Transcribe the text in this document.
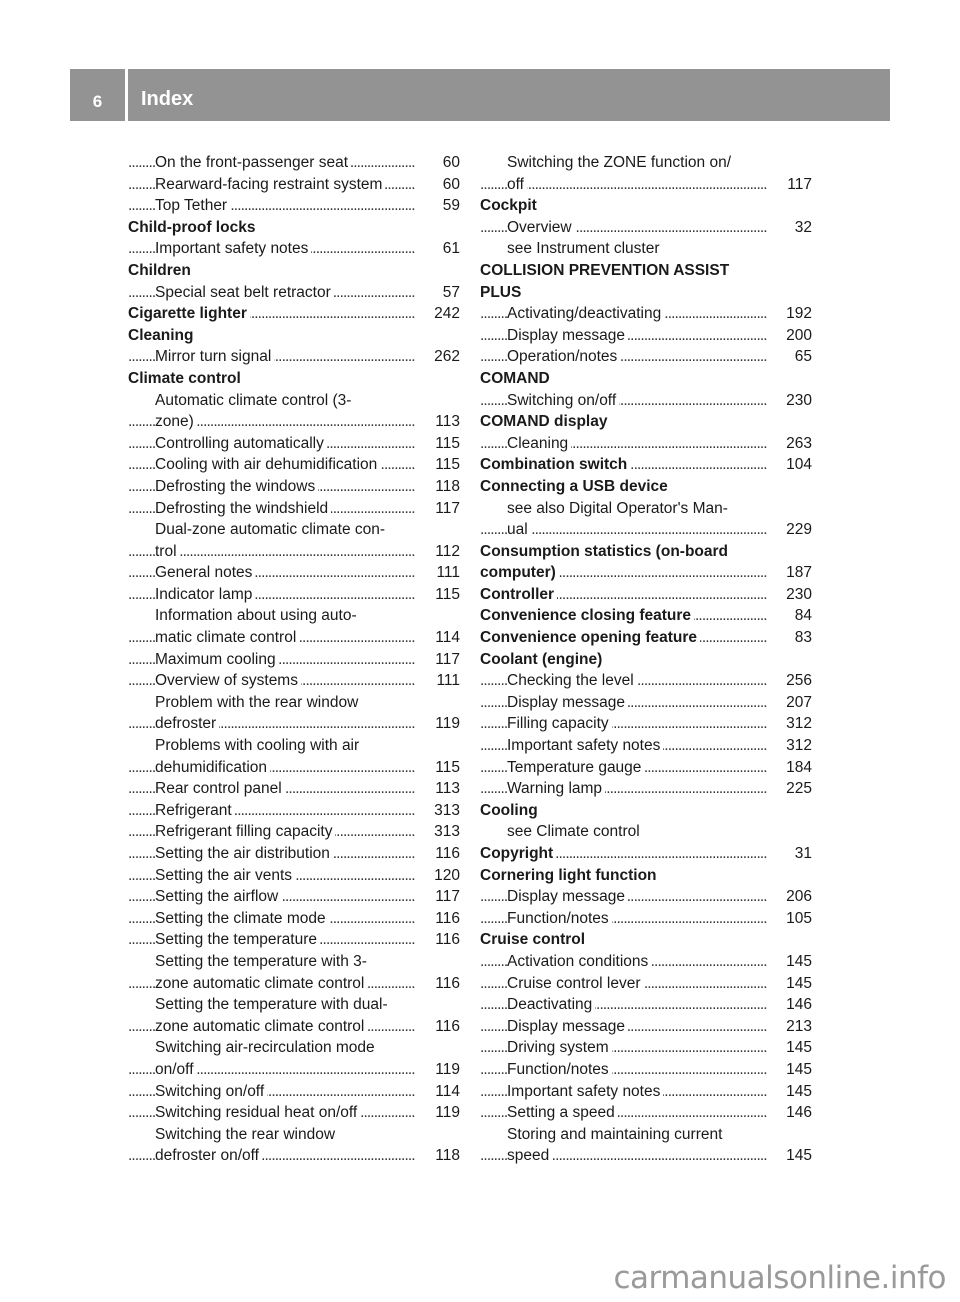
6	Index
On the front-passenger seat	60
. . .
Rearward-facing restraint system	60
. . .
Top Tether	59
. . .
Child-proof locks
Important safety notes	61
. . .
Children
Special seat belt retractor	57
. . .
Cigarette lighter	242
. . .
Cleaning
Mirror turn signal	262
. . .
Climate control
Automatic climate control (3-
zone)	113
. . .
Controlling automatically	115
. . .
Cooling with air dehumidification	115
. . .
Defrosting the windows	118
. . .
Defrosting the windshield	117
. . .
Dual-zone automatic climate con-
trol	112
. . .
General notes	111
. . .
Indicator lamp	115
. . .
Information about using auto-
matic climate control	114
. . .
Maximum cooling	117
. . .
Overview of systems	111
. . .
Problem with the rear window
defroster	119
. . .
Problems with cooling with air
dehumidification	115
. . .
Rear control panel	113
. . .
Refrigerant	313
. . .
Refrigerant filling capacity	313
. . .
Setting the air distribution	116
. . .
Setting the air vents	120
. . .
Setting the airflow	117
. . .
Setting the climate mode	116
. . .
Setting the temperature	116
. . .
Setting the temperature with 3-
zone automatic climate control	116
. . .
Setting the temperature with dual-
zone automatic climate control	116
. . .
Switching air-recirculation mode
on/off	119
. . .
Switching on/off	114
. . .
Switching residual heat on/off	119
. . .
Switching the rear window
defroster on/off	118
. . .
Switching the ZONE function on/
off	117
. . .
Cockpit
Overview	32
. . .
see Instrument cluster
COLLISION PREVENTION ASSIST
PLUS
Activating/deactivating	192
. . .
Display message	200
. . .
Operation/notes	65
. . .
COMAND
Switching on/off	230
. . .
COMAND display
Cleaning	263
. . .
Combination switch	104
. . .
Connecting a USB device
see also Digital Operator's Man-
ual	229
. . .
Consumption statistics (on-board
computer)	187
. . .
Controller	230
. . .
Convenience closing feature	84
. . .
Convenience opening feature	83
. . .
Coolant (engine)
Checking the level	256
. . .
Display message	207
. . .
Filling capacity	312
. . .
Important safety notes	312
. . .
Temperature gauge	184
. . .
Warning lamp	225
. . .
Cooling
see Climate control
Copyright	31
. . .
Cornering light function
Display message	206
. . .
Function/notes	105
. . .
Cruise control
Activation conditions	145
. . .
Cruise control lever	145
. . .
Deactivating	146
. . .
Display message	213
. . .
Driving system	145
. . .
Function/notes	145
. . .
Important safety notes	145
. . .
Setting a speed	146
. . .
Storing and maintaining current
speed	145
. . .
carmanualsonline.info
